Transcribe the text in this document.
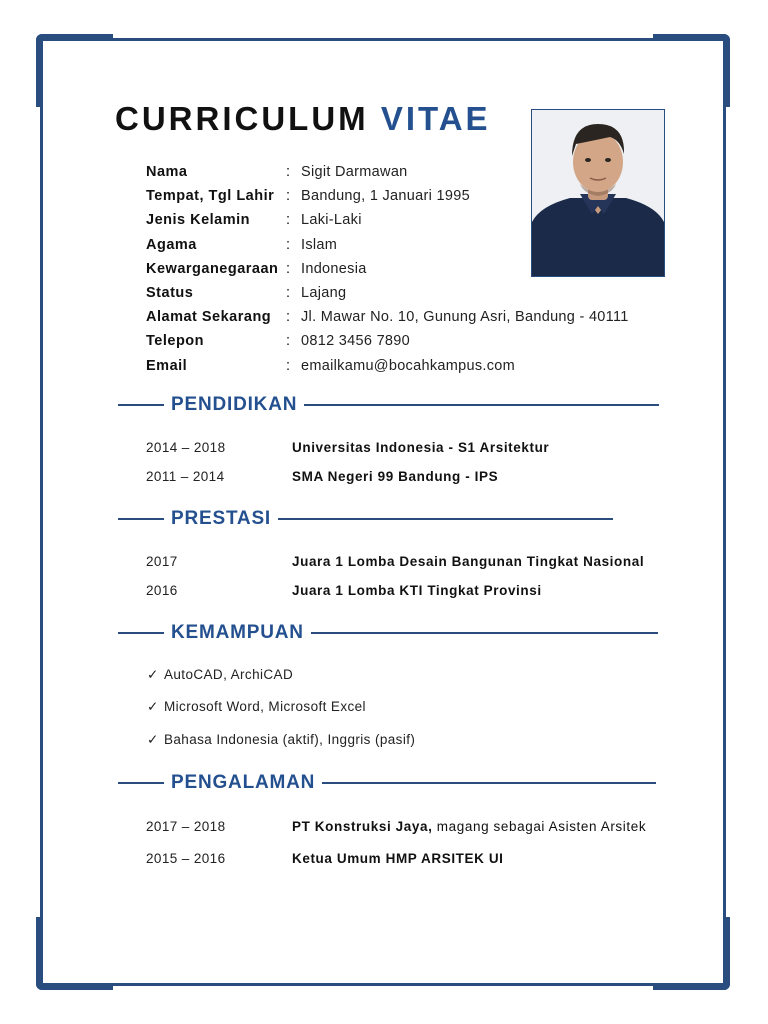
CURRICULUM VITAE
Nama	: Sigit Darmawan
Tempat, Tgl Lahir : Bandung, 1 Januari 1995
Jenis Kelamin	: Laki-Laki
Agama	: Islam
Kewarganegaraan : Indonesia
Status	: Lajang
Alamat Sekarang	: Jl. Mawar No. 10, Gunung Asri, Bandung - 40111
Telepon	: 0812 3456 7890
Email	: emailkamu@bocahkampus.com
PENDIDIKAN
2014 – 2018	Universitas Indonesia - S1 Arsitektur
2011 – 2014	SMA Negeri 99 Bandung - IPS
PRESTASI
2017	Juara 1 Lomba Desain Bangunan Tingkat Nasional
2016	Juara 1 Lomba KTI Tingkat Provinsi
KEMAMPUAN
✓ AutoCAD, ArchiCAD
✓ Microsoft Word, Microsoft Excel
✓ Bahasa Indonesia (aktif), Inggris (pasif)
PENGALAMAN
2017 – 2018	PT Konstruksi Jaya, magang sebagai Asisten Arsitek
2015 – 2016	Ketua Umum HMP ARSITEK UI
